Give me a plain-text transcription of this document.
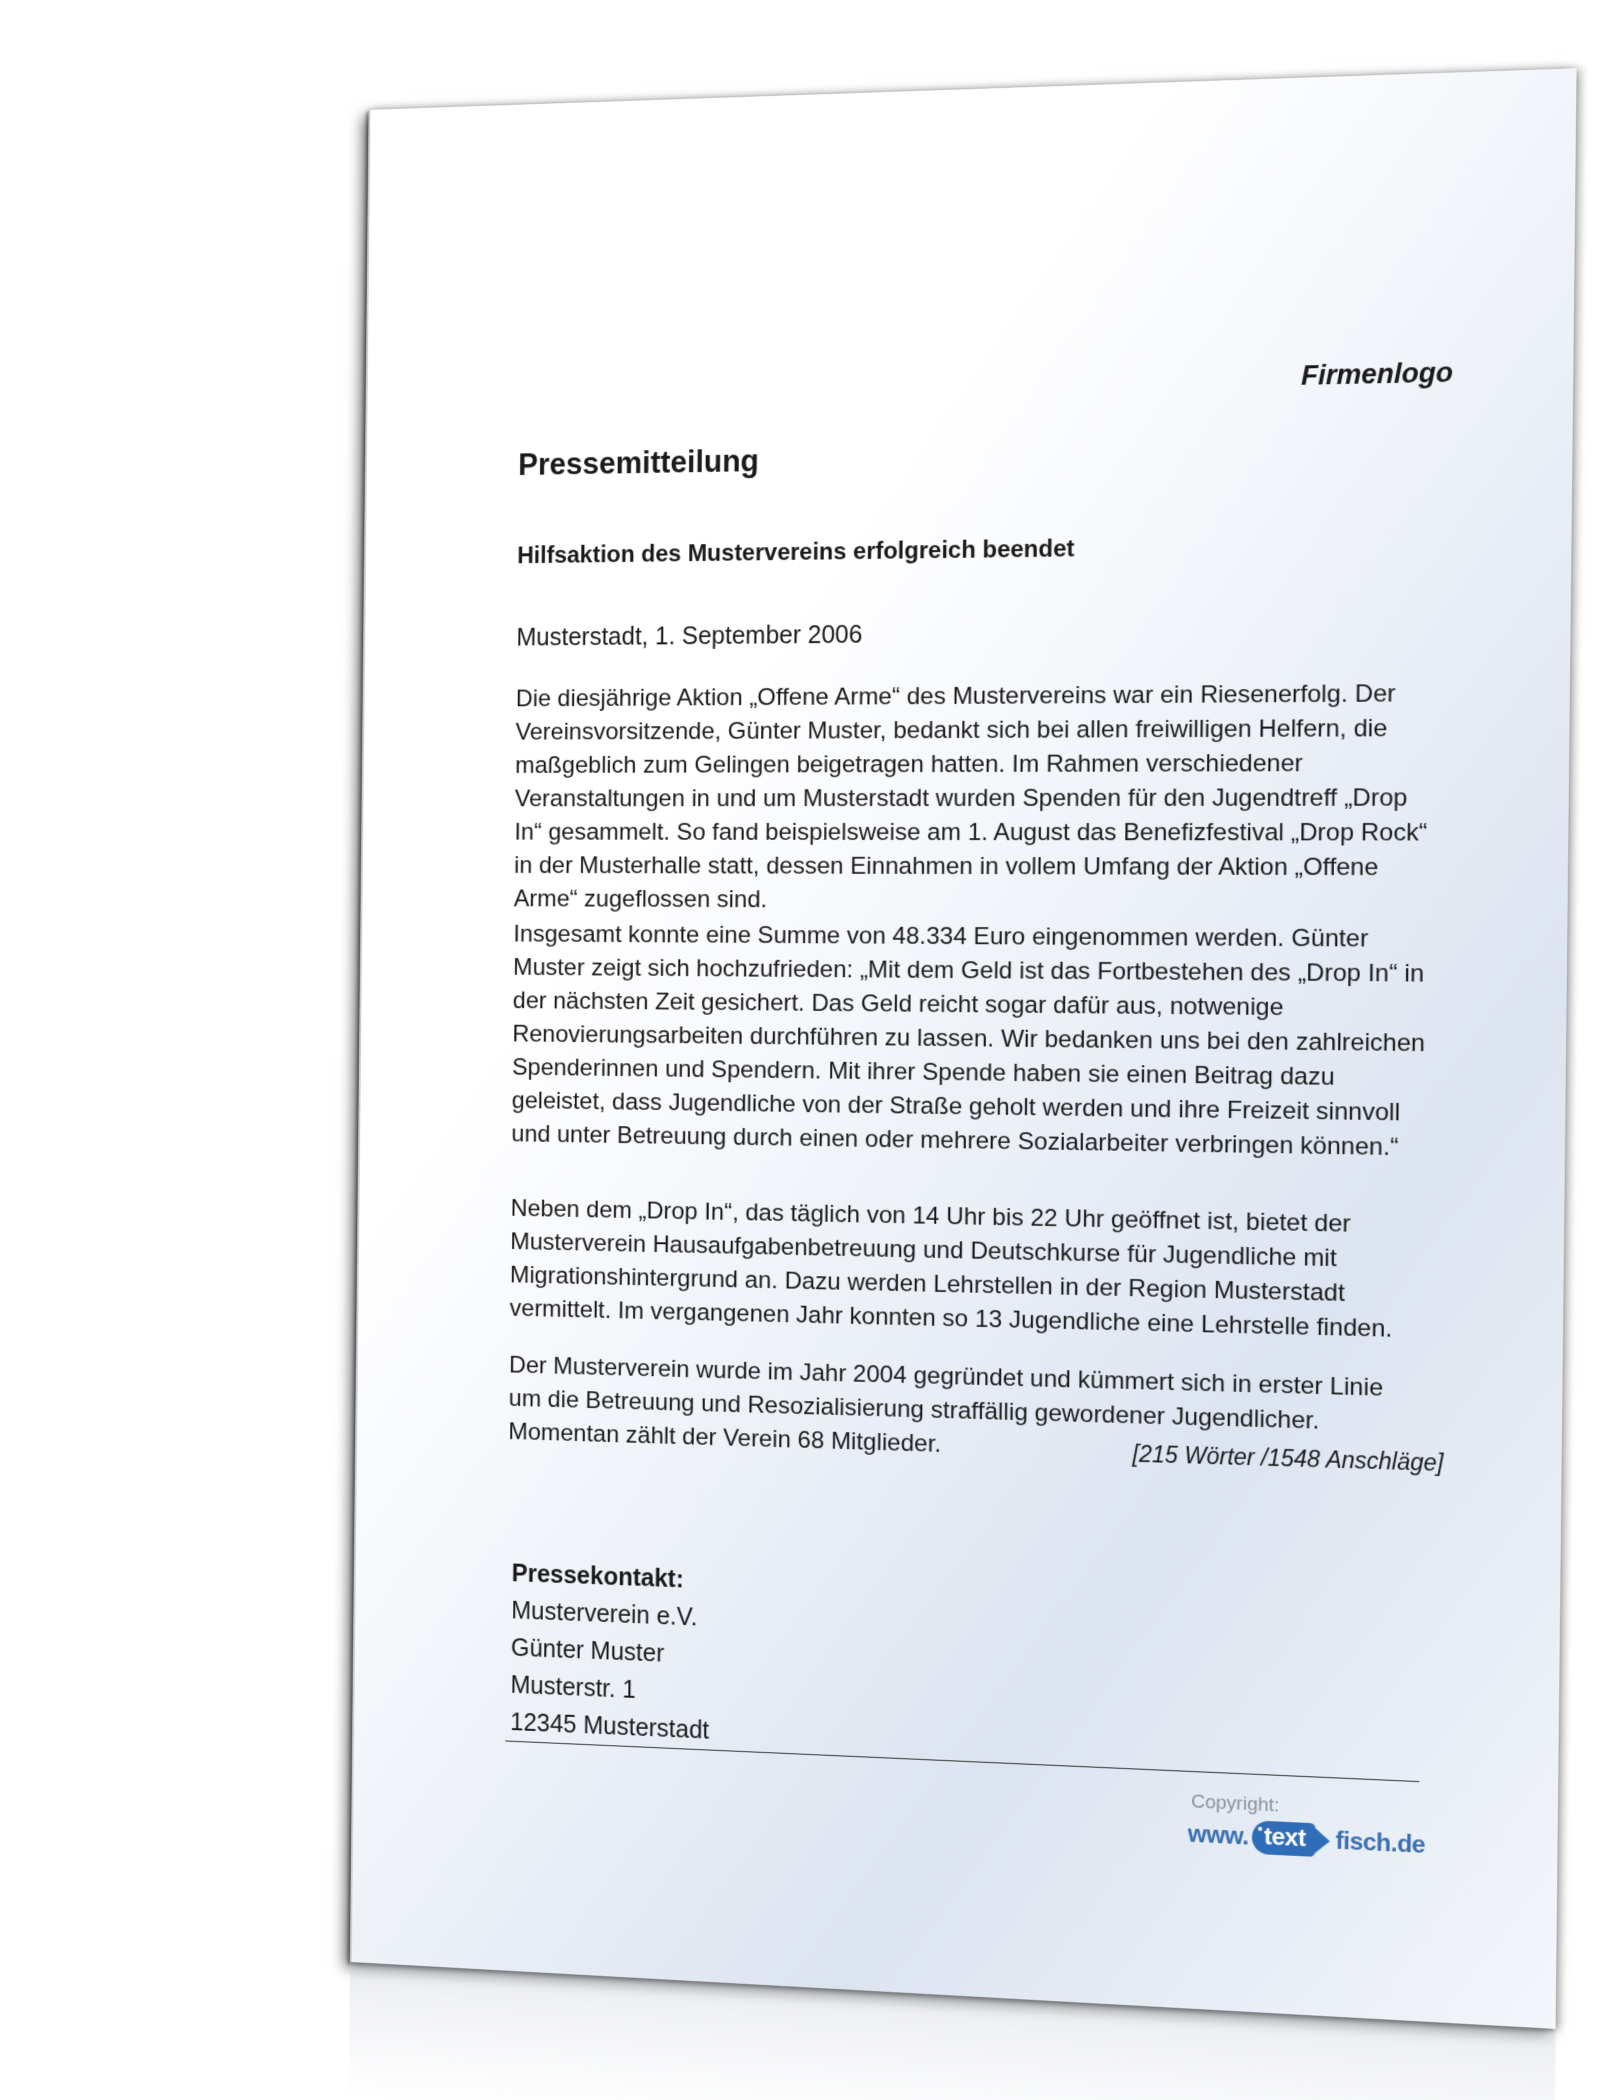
Firmenlogo
Pressemitteilung
Hilfsaktion des Mustervereins erfolgreich beendet
Musterstadt, 1. September 2006

Die diesjährige Aktion „Offene Arme“ des Mustervereins war ein Riesenerfolg. Der Vereinsvorsitzende, Günter Muster, bedankt sich bei allen freiwilligen Helfern, die maßgeblich zum Gelingen beigetragen hatten. Im Rahmen verschiedener Veranstaltungen in und um Musterstadt wurden Spenden für den Jugendtreff „Drop In“ gesammelt. So fand beispielsweise am 1. August das Benefizfestival „Drop Rock“ in der Musterhalle statt, dessen Einnahmen in vollem Umfang der Aktion „Offene Arme“ zugeflossen sind.

Insgesamt konnte eine Summe von 48.334 Euro eingenommen werden. Günter Muster zeigt sich hochzufrieden: „Mit dem Geld ist das Fortbestehen des „Drop In“ in der nächsten Zeit gesichert. Das Geld reicht sogar dafür aus, notwenige Renovierungsarbeiten durchführen zu lassen. Wir bedanken uns bei den zahlreichen Spenderinnen und Spendern. Mit ihrer Spende haben sie einen Beitrag dazu geleistet, dass Jugendliche von der Straße geholt werden und ihre Freizeit sinnvoll und unter Betreuung durch einen oder mehrere Sozialarbeiter verbringen können.“

Neben dem „Drop In“, das täglich von 14 Uhr bis 22 Uhr geöffnet ist, bietet der Musterverein Hausaufgabenbetreuung und Deutschkurse für Jugendliche mit Migrationshintergrund an. Dazu werden Lehrstellen in der Region Musterstadt vermittelt. Im vergangenen Jahr konnten so 13 Jugendliche eine Lehrstelle finden.

Der Musterverein wurde im Jahr 2004 gegründet und kümmert sich in erster Linie um die Betreuung und Resozialisierung straffällig gewordener Jugendlicher. Momentan zählt der Verein 68 Mitglieder.

[215 Wörter /1548 Anschläge]
Pressekontakt:
Musterverein e.V.
Günter Muster
Musterstr. 1
12345 Musterstadt
Copyright:
www. text	fisch .de
